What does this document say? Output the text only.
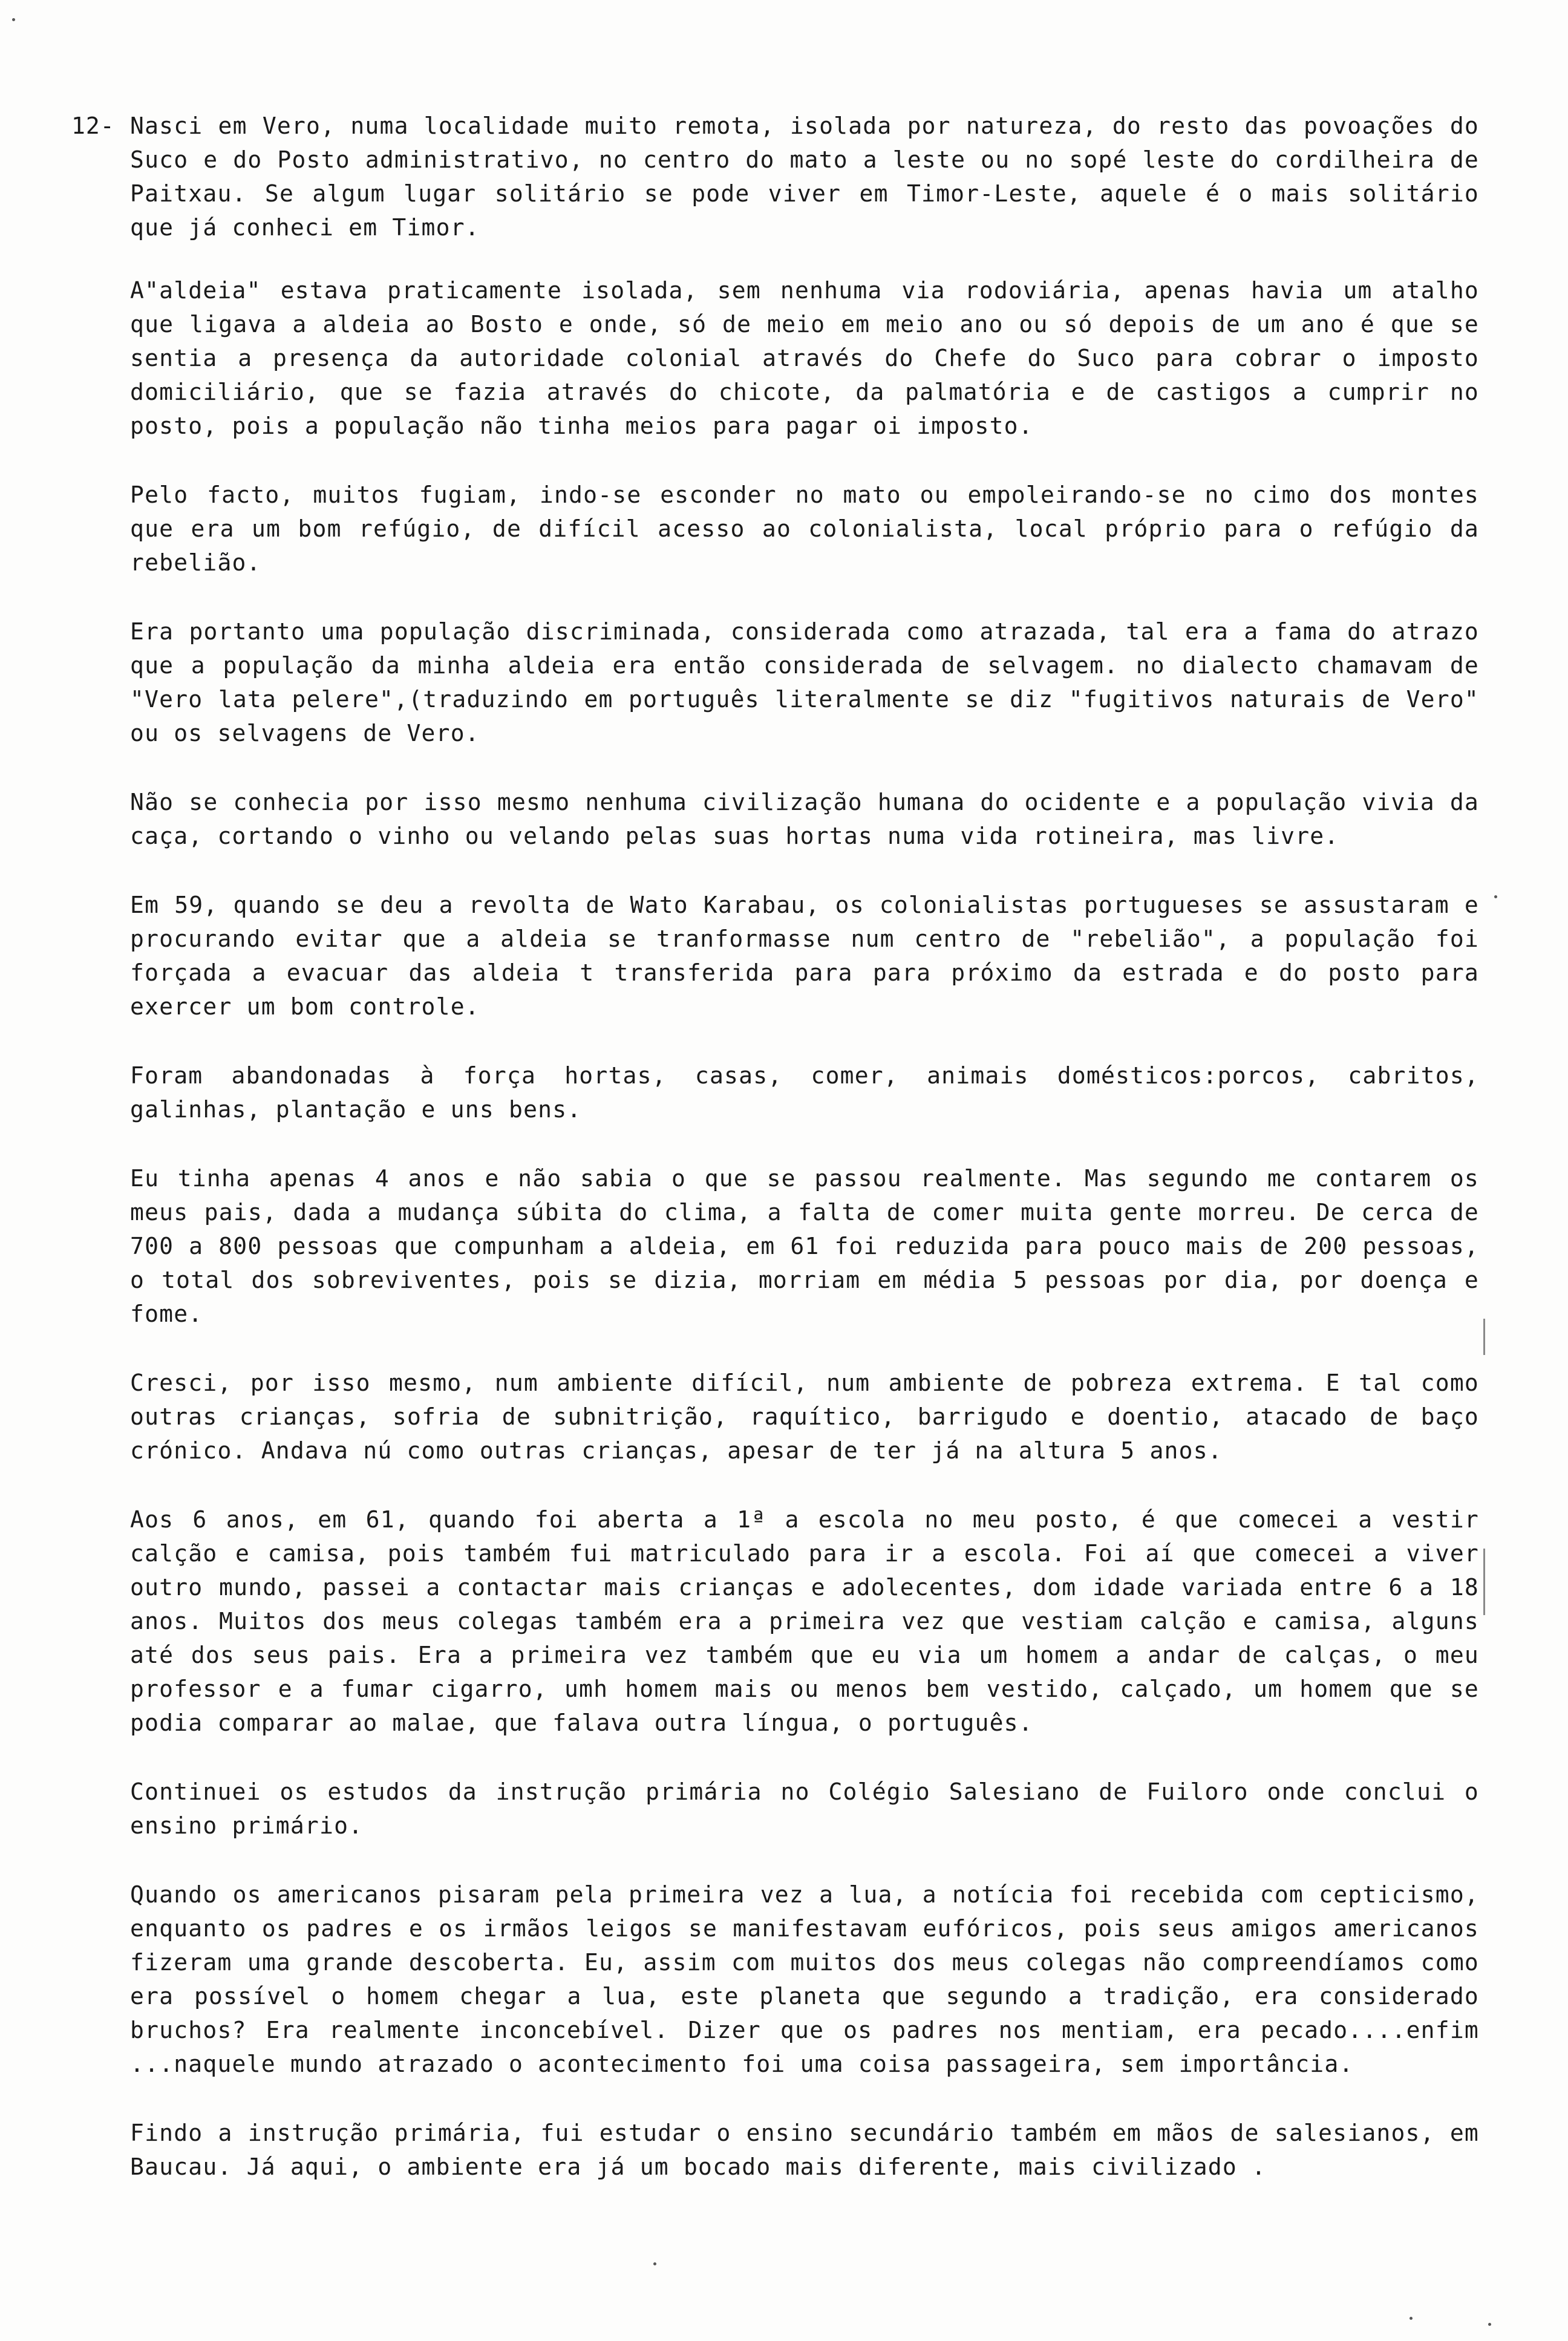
12- Nasci em Vero, numa localidade muito remota, isolada por natureza, do resto das povoações do Suco e do Posto administrativo, no centro do mato a leste ou no sopé leste do cordilheira de Paitxau. Se algum lugar solitário se pode viver em Timor-Leste, aquele é o mais solitário que já conheci em Timor.

A"aldeia" estava praticamente isolada, sem nenhuma via rodoviária, apenas havia um atalho que ligava a aldeia ao Bosto e onde, só de meio em meio ano ou só depois de um ano é que se sentia a presença da autoridade colonial através do Chefe do Suco para cobrar o imposto domiciliário, que se fazia através do chicote, da palmatória e de castigos a cumprir no posto, pois a população não tinha meios para pagar oi imposto.

Pelo facto, muitos fugiam, indo-se esconder no mato ou empoleirando-se no cimo dos montes que era um bom refúgio, de difícil acesso ao colonialista, local próprio para o refúgio da rebelião.

Era portanto uma população discriminada, considerada como atrazada, tal era a fama do atrazo que a população da minha aldeia era então considerada de selvagem. no dialecto chamavam de "Vero lata pelere",(traduzindo em português literalmente se diz "fugitivos naturais de Vero" ou os selvagens de Vero.

Não se conhecia por isso mesmo nenhuma civilização humana do ocidente e a população vivia da caça, cortando o vinho ou velando pelas suas hortas numa vida rotineira, mas livre.

Em 59, quando se deu a revolta de Wato Karabau, os colonialistas portugueses se assustaram e procurando evitar que a aldeia se tranformasse num centro de "rebelião", a população foi forçada a evacuar das aldeia t transferida para para próximo da estrada e do posto para exercer um bom controle.

Foram abandonadas à força hortas, casas, comer, animais domésticos:porcos, cabritos, galinhas, plantação e uns bens.

Eu tinha apenas 4 anos e não sabia o que se passou realmente. Mas segundo me contarem os meus pais, dada a mudança súbita do clima, a falta de comer muita gente morreu. De cerca de 700 a 800 pessoas que compunham a aldeia, em 61 foi reduzida para pouco mais de 200 pessoas, o total dos sobreviventes, pois se dizia, morriam em média 5 pessoas por dia, por doença e fome.

Cresci, por isso mesmo, num ambiente difícil, num ambiente de pobreza extrema. E tal como outras crianças, sofria de subnitrição, raquítico, barrigudo e doentio, atacado de baço crónico. Andava nú como outras crianças, apesar de ter já na altura 5 anos.

Aos 6 anos, em 61, quando foi aberta a 1ª a escola no meu posto, é que comecei a vestir calção e camisa, pois também fui matriculado para ir a escola. Foi aí que comecei a viver outro mundo, passei a contactar mais crianças e adolecentes, dom idade variada entre 6 a 18 anos. Muitos dos meus colegas também era a primeira vez que vestiam calção e camisa, alguns até dos seus pais. Era a primeira vez também que eu via um homem a andar de calças, o meu professor e a fumar cigarro, umh homem mais ou menos bem vestido, calçado, um homem que se podia comparar ao malae, que falava outra língua, o português.

Continuei os estudos da instrução primária no Colégio Salesiano de Fuiloro onde conclui o ensino primário.

Quando os americanos pisaram pela primeira vez a lua, a notícia foi recebida com cepticismo, enquanto os padres e os irmãos leigos se manifestavam eufóricos, pois seus amigos americanos fizeram uma grande descoberta. Eu, assim com muitos dos meus colegas não compreendíamos como era possível o homem chegar a lua, este planeta que segundo a tradição, era considerado bruchos? Era realmente inconcebível. Dizer que os padres nos mentiam, era pecado....enfim ...naquele mundo atrazado o acontecimento foi uma coisa passageira, sem importância.

Findo a instrução primária, fui estudar o ensino secundário também em mãos de salesianos, em Baucau. Já aqui, o ambiente era já um bocado mais diferente, mais civilizado .
